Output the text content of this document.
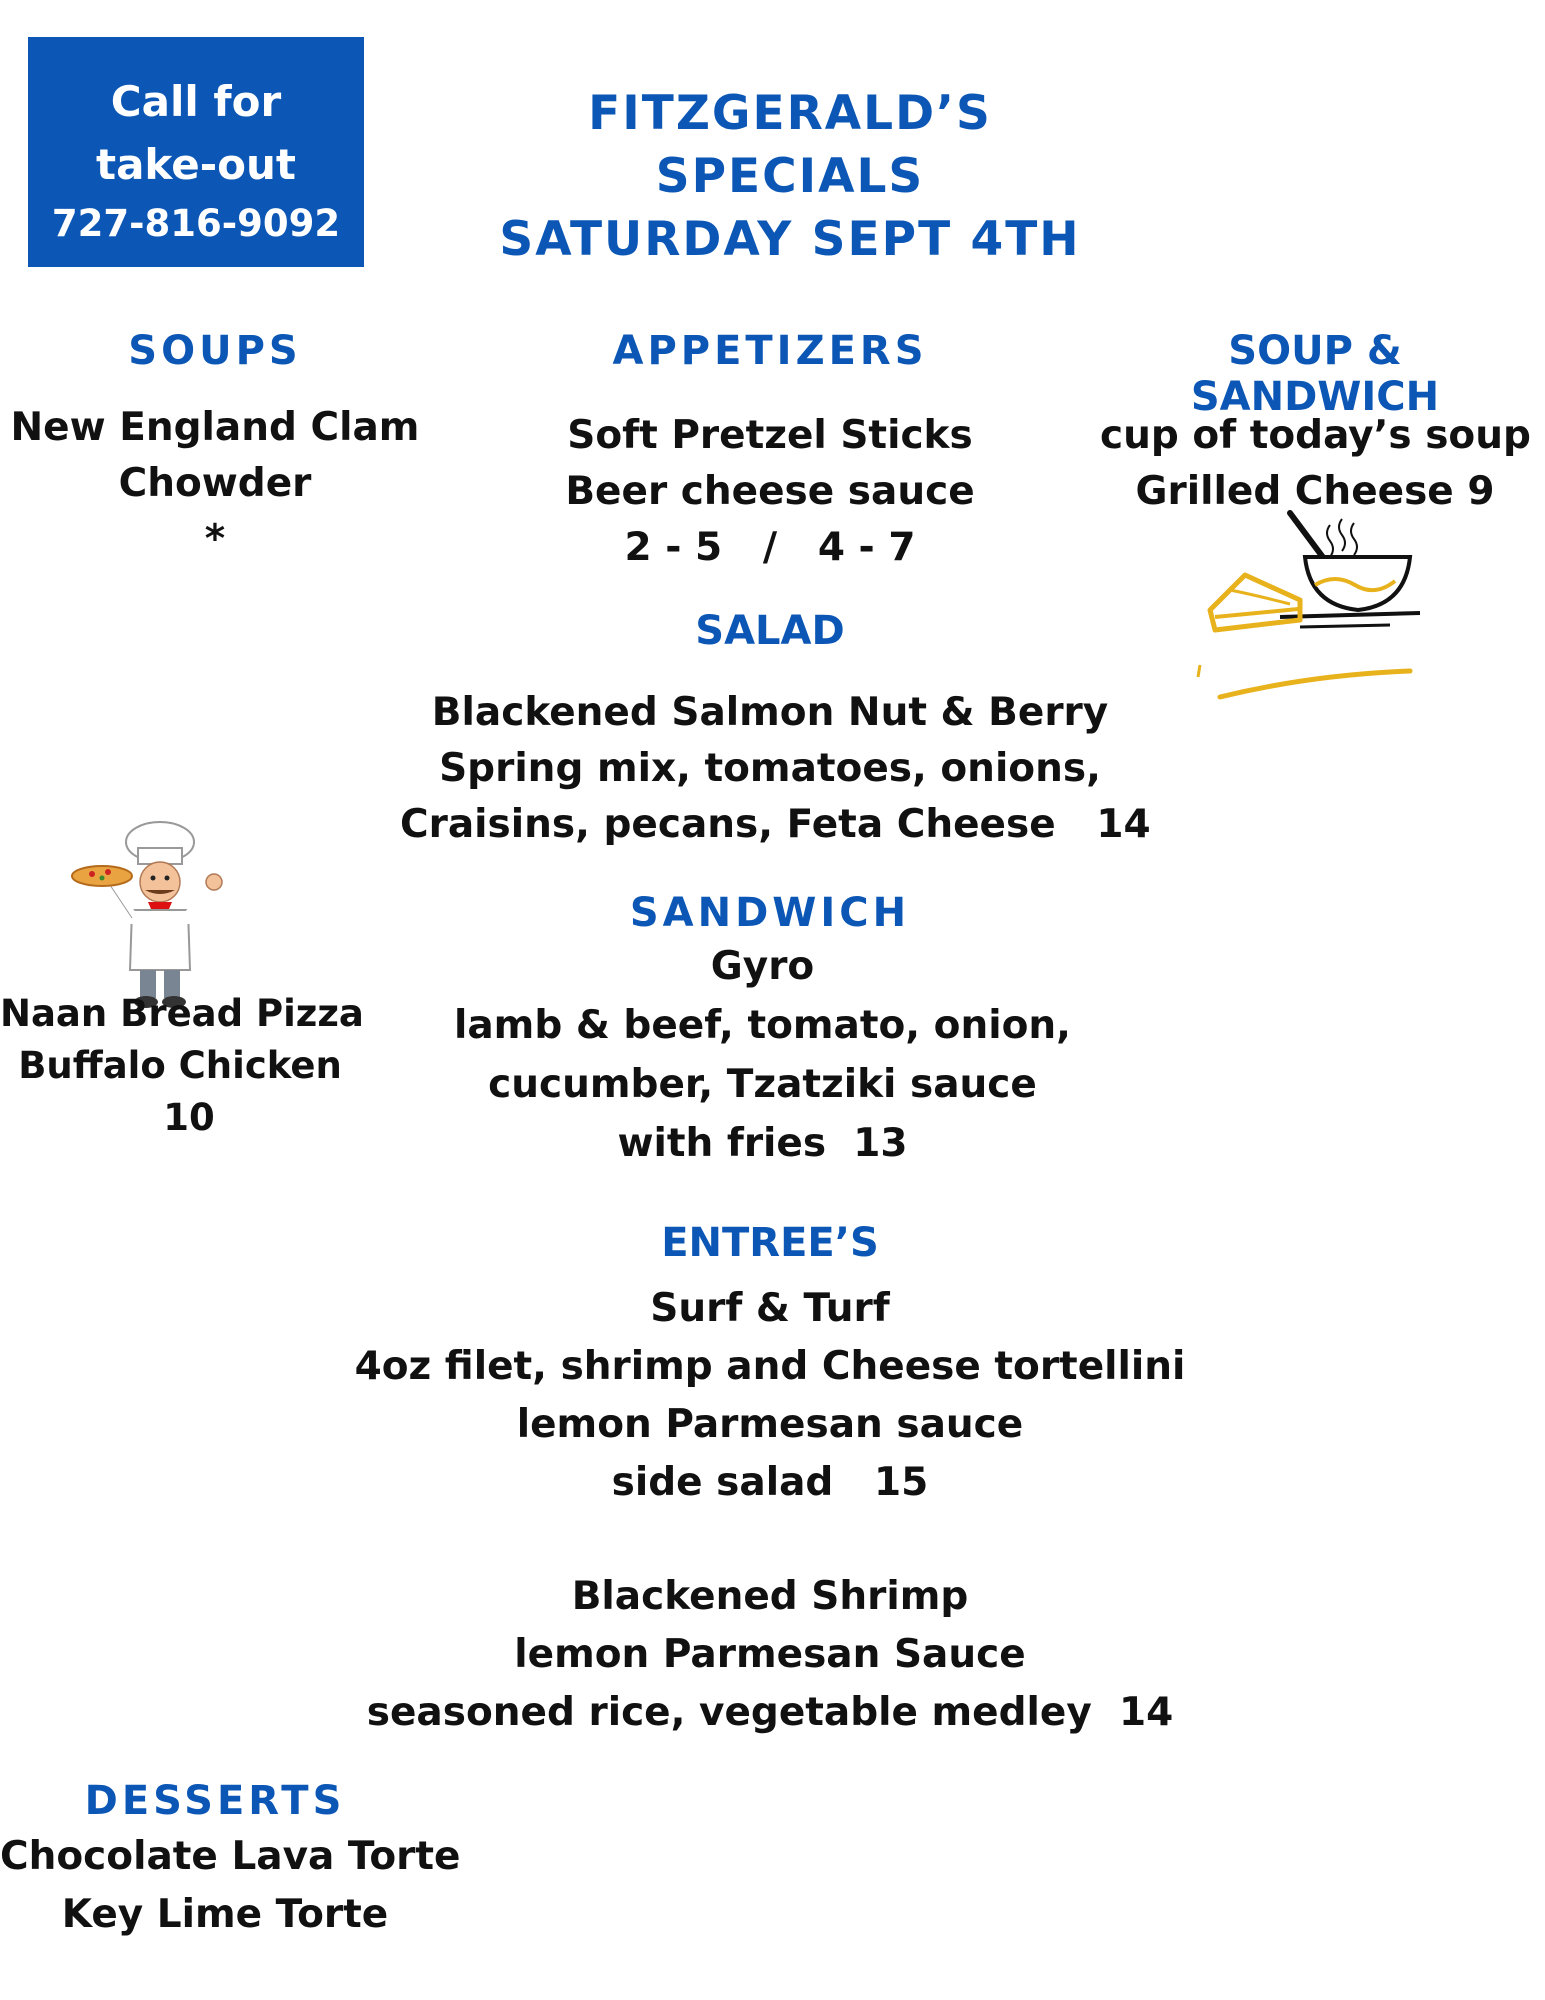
Call for
take-out
727-816-9092
FITZGERALD’S SPECIALS
SATURDAY SEPT 4TH
SOUPS
New England Clam
Chowder
*
APPETIZERS
Soft Pretzel Sticks
Beer cheese sauce
2 - 5   /   4 - 7
SOUP & SANDWICH
cup of today’s soup
Grilled Cheese 9
SALAD
Blackened Salmon Nut & Berry
Spring mix, tomatoes, onions,
Craisins, pecans, Feta Cheese   14
Naan Bread Pizza
Buffalo Chicken
10
SANDWICH
Gyro
lamb & beef, tomato, onion,
cucumber, Tzatziki sauce
with fries  13
ENTREE’S
Surf & Turf
4oz filet, shrimp and Cheese tortellini
lemon Parmesan sauce
side salad   15
Blackened Shrimp
lemon Parmesan Sauce
seasoned rice, vegetable medley  14
DESSERTS
Chocolate Lava Torte
Key Lime Torte
